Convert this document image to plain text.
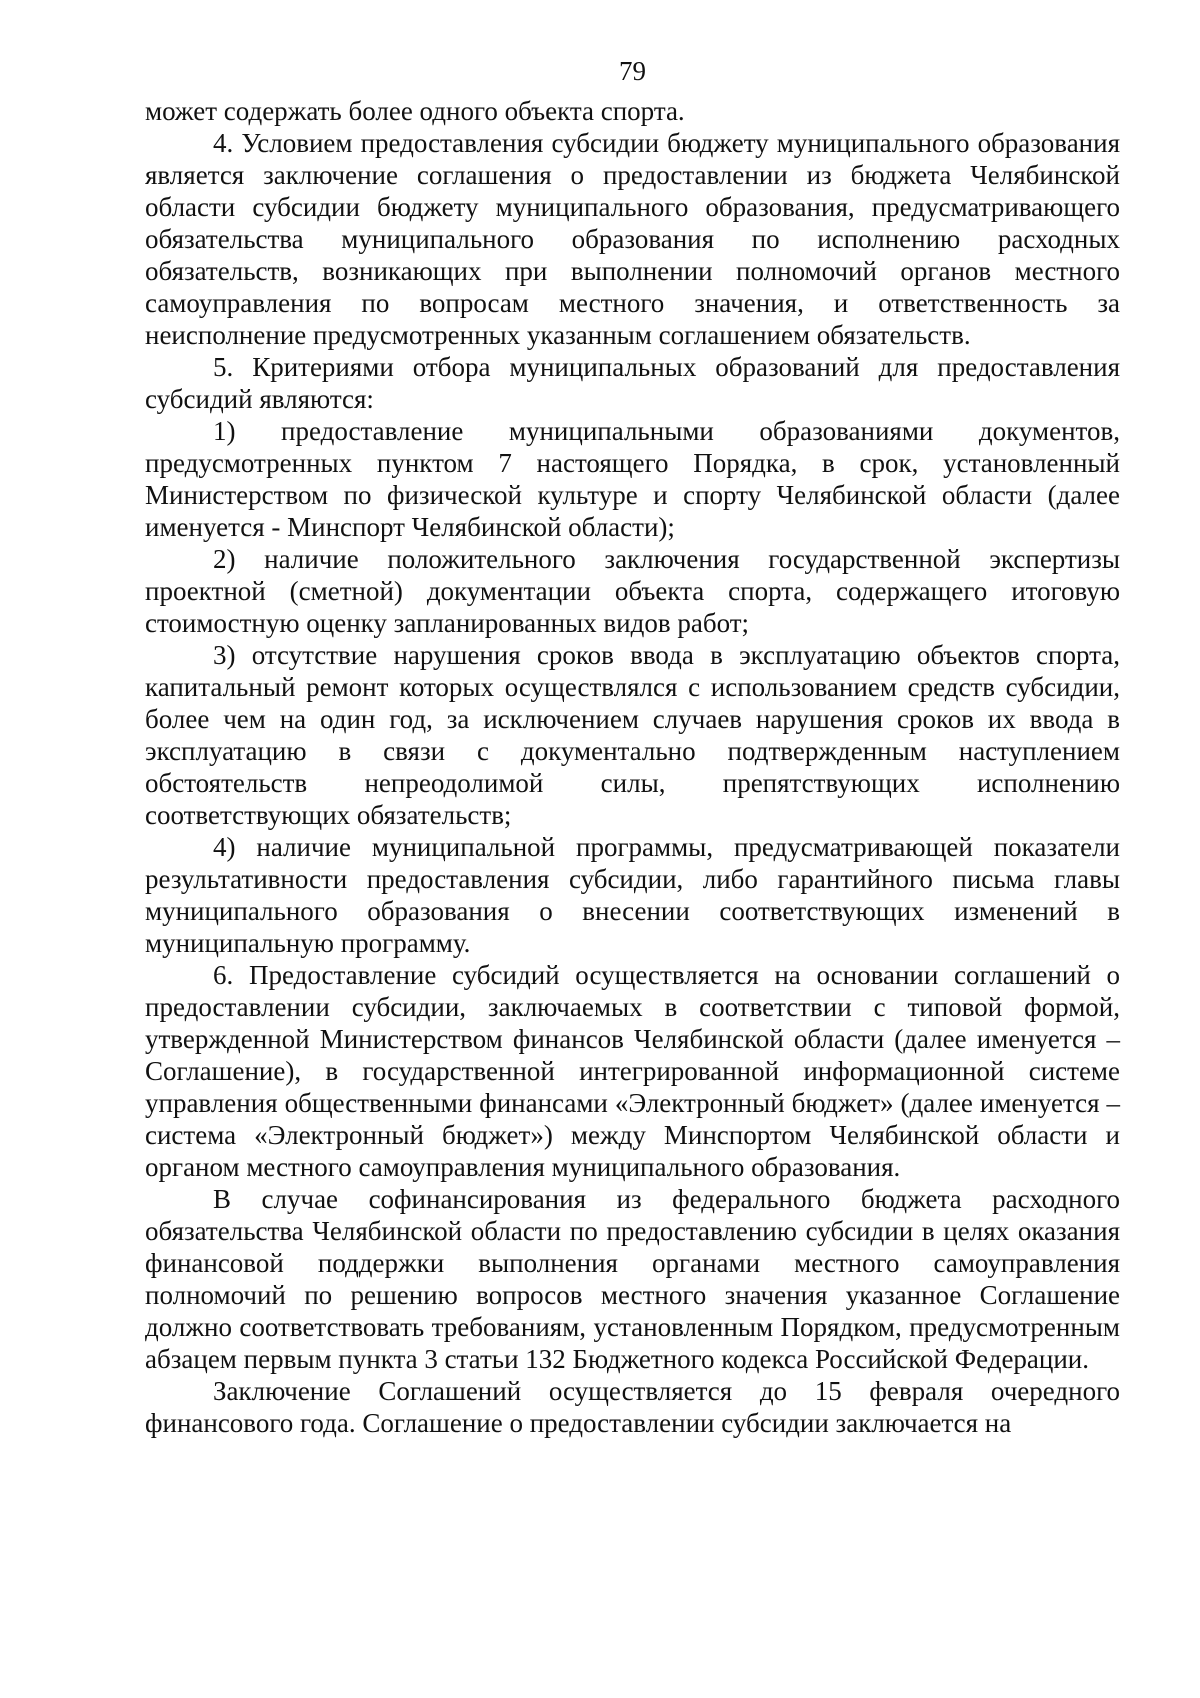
79

может содержать более одного объекта спорта.

4. Условием предоставления субсидии бюджету муниципального образования является заключение соглашения о предоставлении из бюджета Челябинской области субсидии бюджету муниципального образования, предусматривающего обязательства муниципального образования по исполнению расходных обязательств, возникающих при выполнении полномочий органов местного самоуправления по вопросам местного значения, и ответственность за неисполнение предусмотренных указанным соглашением обязательств.

5. Критериями отбора муниципальных образований для предоставления субсидий являются:

1) предоставление муниципальными образованиями документов, предусмотренных пунктом 7 настоящего Порядка, в срок, установленный Министерством по физической культуре и спорту Челябинской области (далее именуется - Минспорт Челябинской области);

2) наличие положительного заключения государственной экспертизы проектной (сметной) документации объекта спорта, содержащего итоговую стоимостную оценку запланированных видов работ;

3) отсутствие нарушения сроков ввода в эксплуатацию объектов спорта, капитальный ремонт которых осуществлялся с использованием средств субсидии, более чем на один год, за исключением случаев нарушения сроков их ввода в эксплуатацию в связи с документально подтвержденным наступлением обстоятельств непреодолимой силы, препятствующих исполнению соответствующих обязательств;

4) наличие муниципальной программы, предусматривающей показатели результативности предоставления субсидии, либо гарантийного письма главы муниципального образования о внесении соответствующих изменений в муниципальную программу.

6. Предоставление субсидий осуществляется на основании соглашений о предоставлении субсидии, заключаемых в соответствии с типовой формой, утвержденной Министерством финансов Челябинской области (далее именуется – Соглашение), в государственной интегрированной информационной системе управления общественными финансами «Электронный бюджет» (далее именуется – система «Электронный бюджет») между Минспортом Челябинской области и органом местного самоуправления муниципального образования.

В случае софинансирования из федерального бюджета расходного обязательства Челябинской области по предоставлению субсидии в целях оказания финансовой поддержки выполнения органами местного самоуправления полномочий по решению вопросов местного значения указанное Соглашение должно соответствовать требованиям, установленным Порядком, предусмотренным абзацем первым пункта 3 статьи 132 Бюджетного кодекса Российской Федерации.

Заключение Соглашений осуществляется до 15 февраля очередного финансового года. Соглашение о предоставлении субсидии заключается на
